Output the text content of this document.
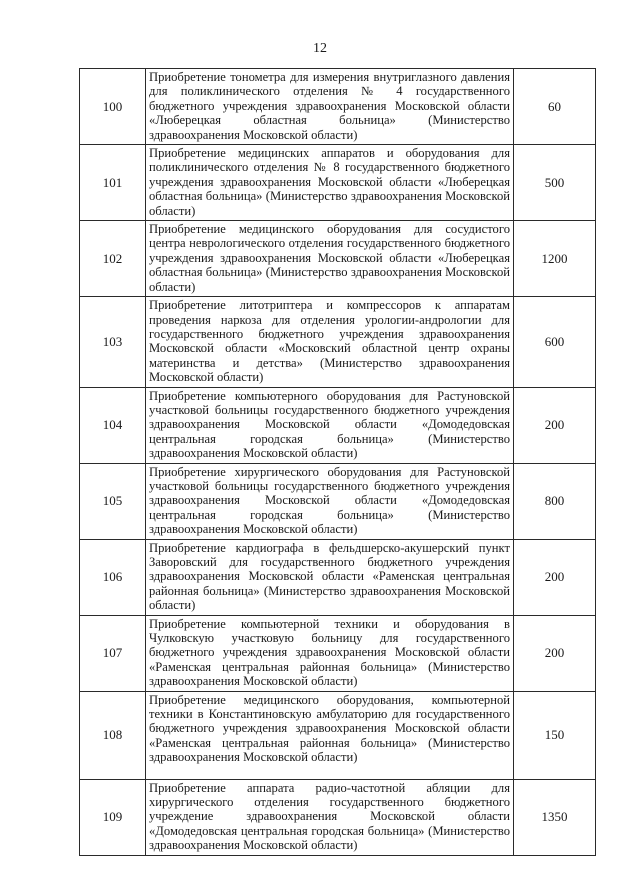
12
100	Приобретение тонометра для измерения внутриглазного давления для поликлинического отделения № 4 государственного бюджетного учреждения здравоохранения Московской области «Люберецкая областная больница» (Министерство здравоохранения Московской области)	60
101	Приобретение медицинских аппаратов и оборудования для поликлинического отделения № 8 государственного бюджетного учреждения здравоохранения Московской области «Люберецкая областная больница» (Министерство здравоохранения Московской области)	500
102	Приобретение медицинского оборудования для сосудистого центра неврологического отделения государственного бюджетного учреждения здравоохранения Московской области «Люберецкая областная больница» (Министерство здравоохранения Московской области)	1200
103	Приобретение литотриптера и компрессоров к аппаратам проведения наркоза для отделения урологии-андрологии для государственного бюджетного учреждения здравоохранения Московской области «Московский областной центр охраны материнства и детства» (Министерство здравоохранения Московской области)	600
104	Приобретение компьютерного оборудования для Растуновской участковой больницы государственного бюджетного учреждения здравоохранения Московской области «Домодедовская центральная городская больница» (Министерство здравоохранения Московской области)	200
105	Приобретение хирургического оборудования для Растуновской участковой больницы государственного бюджетного учреждения здравоохранения Московской области «Домодедовская центральная городская больница» (Министерство здравоохранения Московской области)	800
106	Приобретение кардиографа в фельдшерско-акушерский пункт Заворовский для государственного бюджетного учреждения здравоохранения Московской области «Раменская центральная районная больница» (Министерство здравоохранения Московской области)	200
107	Приобретение компьютерной техники и оборудования в Чулковскую участковую больницу для государственного бюджетного учреждения здравоохранения Московской области «Раменская центральная районная больница» (Министерство здравоохранения Московской области)	200
108	Приобретение медицинского оборудования, компьютерной техники в Константиновскую амбулаторию для государственного бюджетного учреждения здравоохранения Московской области «Раменская центральная районная больница» (Министерство здравоохранения Московской области)	150
109	Приобретение аппарата радио-частотной абляции для хирургического отделения государственного бюджетного учреждение здравоохранения Московской области «Домодедовская центральная городская больница» (Министерство здравоохранения Московской области)	1350
